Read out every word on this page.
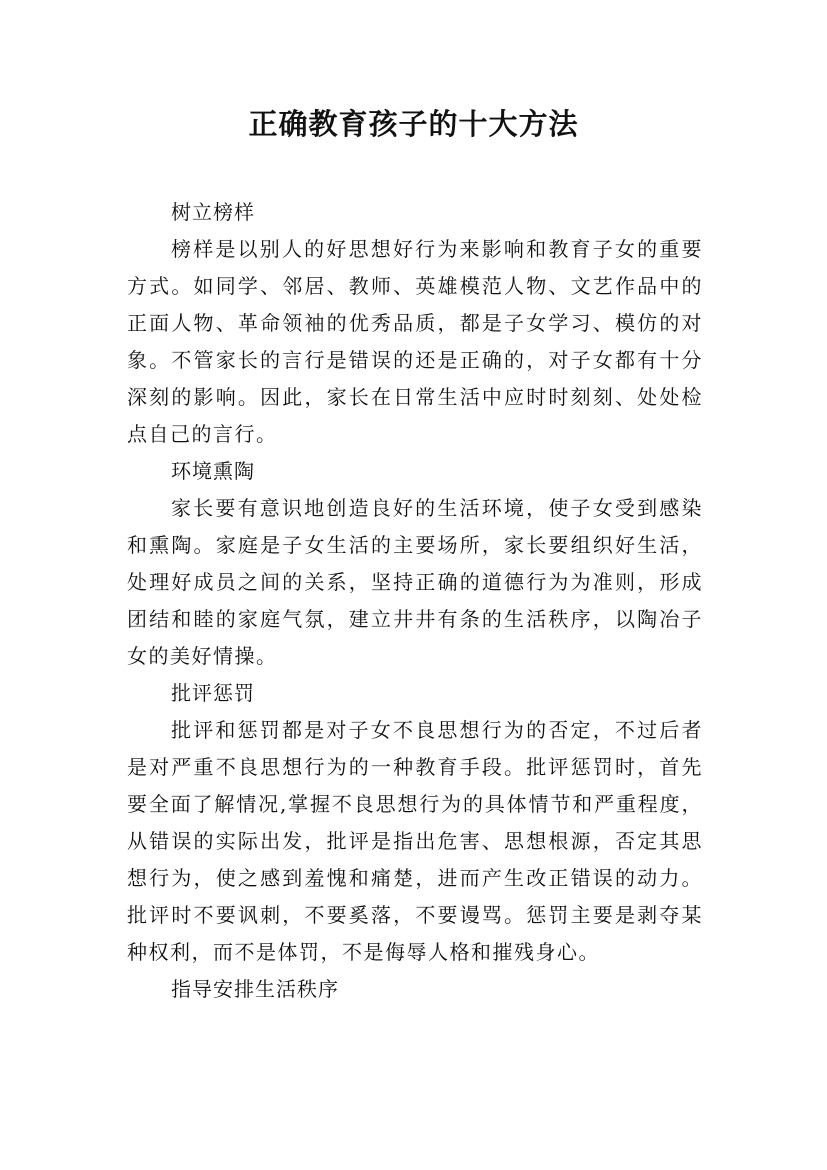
正确教育孩子的十大方法

树立榜样

榜样是以别人的好思想好行为来影响和教育子女的重要方式。如同学、邻居、教师、英雄模范人物、文艺作品中的正面人物、革命领袖的优秀品质，都是子女学习、模仿的对象。不管家长的言行是错误的还是正确的，对子女都有十分深刻的影响。因此，家长在日常生活中应时时刻刻、处处检点自己的言行。

环境熏陶

家长要有意识地创造良好的生活环境，使子女受到感染和熏陶。家庭是子女生活的主要场所，家长要组织好生活，处理好成员之间的关系，坚持正确的道德行为为准则，形成团结和睦的家庭气氛，建立井井有条的生活秩序，以陶冶子女的美好情操。

批评惩罚

批评和惩罚都是对子女不良思想行为的否定，不过后者是对严重不良思想行为的一种教育手段。批评惩罚时，首先要全面了解情况,掌握不良思想行为的具体情节和严重程度，从错误的实际出发，批评是指出危害、思想根源，否定其思想行为，使之感到羞愧和痛楚，进而产生改正错误的动力。批评时不要讽刺，不要奚落，不要谩骂。惩罚主要是剥夺某种权利，而不是体罚，不是侮辱人格和摧残身心。

指导安排生活秩序
